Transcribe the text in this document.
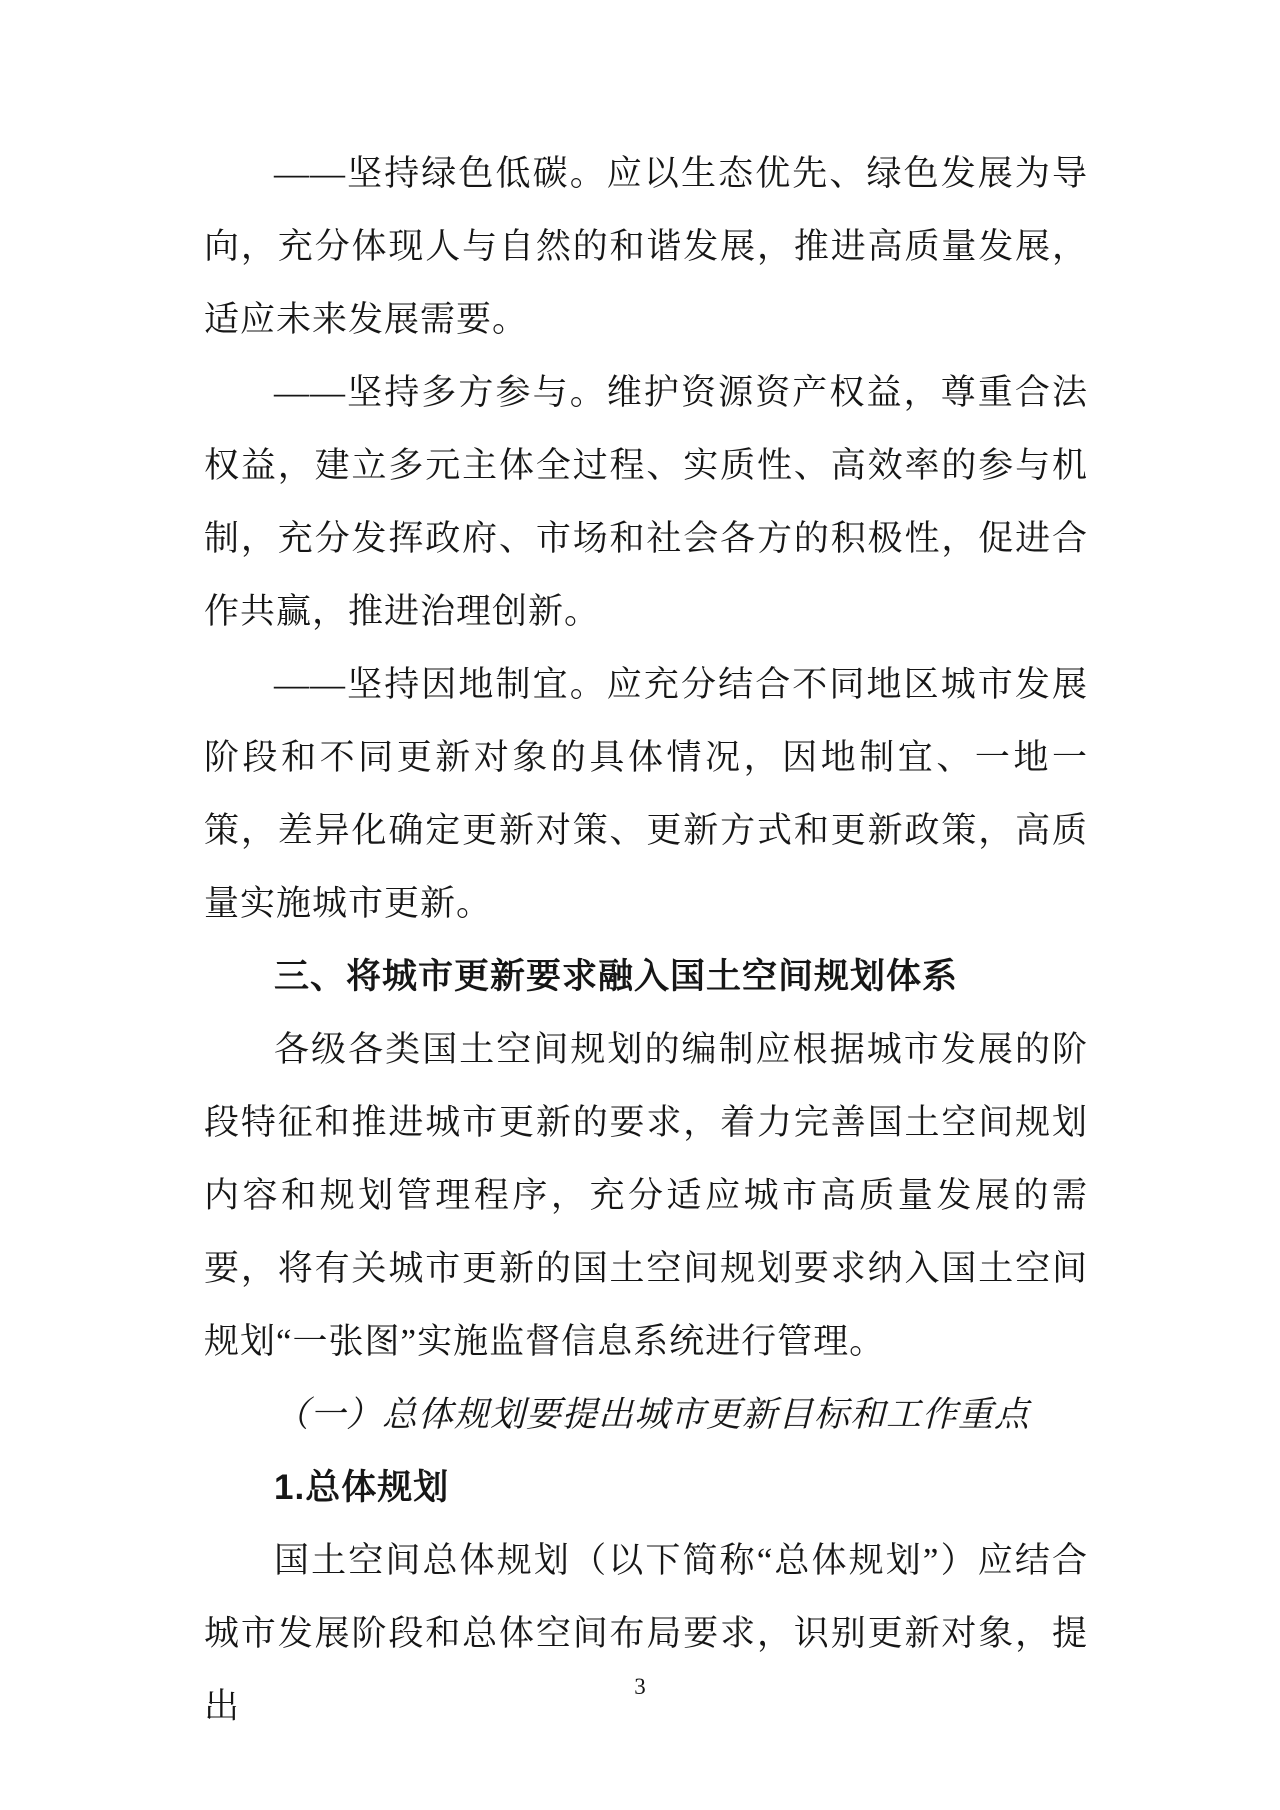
——坚持绿色低碳。应以生态优先、绿色发展为导向，充分体现人与自然的和谐发展，推进高质量发展，适应未来发展需要。

——坚持多方参与。维护资源资产权益，尊重合法权益，建立多元主体全过程、实质性、高效率的参与机制，充分发挥政府、市场和社会各方的积极性，促进合作共赢，推进治理创新。

——坚持因地制宜。应充分结合不同地区城市发展阶段和不同更新对象的具体情况，因地制宜、一地一策，差异化确定更新对策、更新方式和更新政策，高质量实施城市更新。

三、将城市更新要求融入国土空间规划体系

各级各类国土空间规划的编制应根据城市发展的阶段特征和推进城市更新的要求，着力完善国土空间规划内容和规划管理程序，充分适应城市高质量发展的需要，将有关城市更新的国土空间规划要求纳入国土空间规划“一张图”实施监督信息系统进行管理。

（一）总体规划要提出城市更新目标和工作重点

1.总体规划

国土空间总体规划（以下简称“总体规划”）应结合城市发展阶段和总体空间布局要求，识别更新对象，提出

3
